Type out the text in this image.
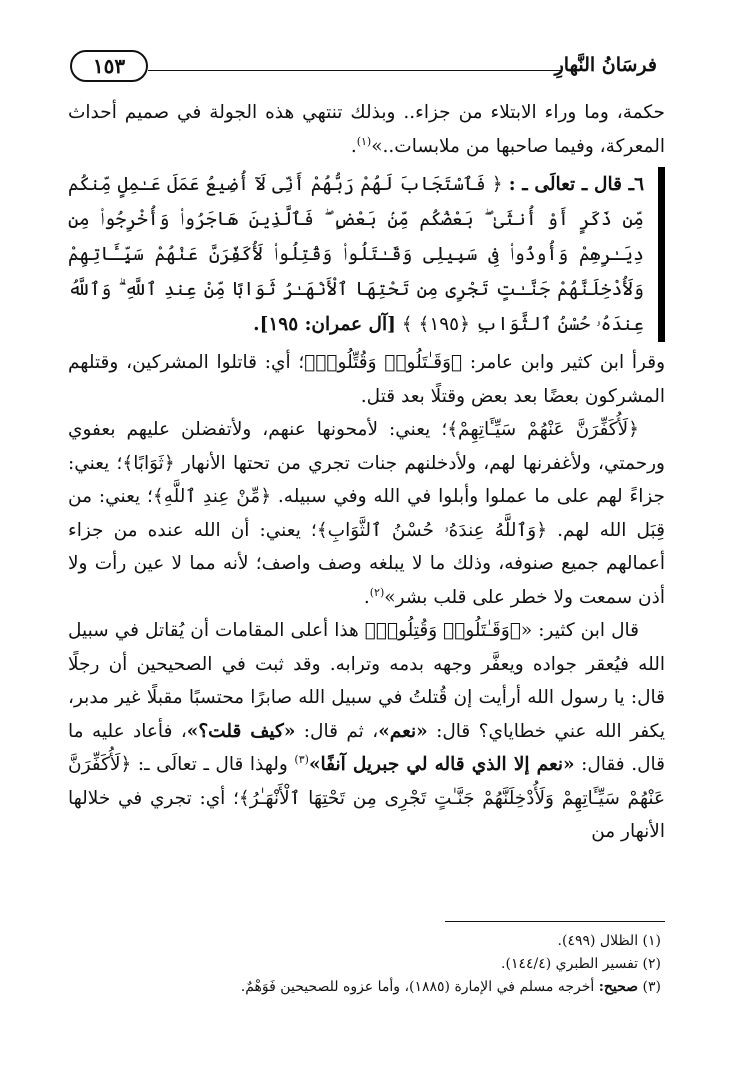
فرسَانُ النَّهارِ
١٥٣

حكمة، وما وراء الابتلاء من جزاء.. وبذلك تنتهي هذه الجولة في صميم أحداث المعركة، وفيما صاحبها من ملابسات..»$^{(١)}$.

٦ـ قال ـ تعالَى ـ : ﴿ فَٱسْتَجَابَ لَهُمْ رَبُّهُمْ أَنِّى لَآ أُضِيعُ عَمَلَ عَـٰمِلٍ مِّنكُم مِّن ذَكَرٍ أَوْ أُنثَىٰ ۖ بَعْضُكُم مِّنۢ بَعْضٍ ۖ فَٱلَّذِينَ هَاجَرُوا۟ وَأُخْرِجُوا۟ مِن دِيَـٰرِهِمْ وَأُوذُوا۟ فِى سَبِيلِى وَقَـٰتَلُوا۟ وَقُتِلُوا۟ لَأُكَفِّرَنَّ عَنْهُمْ سَيِّـَٔاتِهِمْ وَلَأُدْخِلَنَّهُمْ جَنَّـٰتٍ تَجْرِى مِن تَحْتِهَا ٱلْأَنْهَـٰرُ ثَوَابًا مِّنْ عِندِ ٱللَّهِ ۗ وَٱللَّهُ عِندَهُۥ حُسْنُ ٱلثَّوَابِ ﴿١٩٥﴾ ﴾ [آل عمران: ١٩٥].

وقرأ ابن كثير وابن عامر: ﴿وَقَـٰتَلُوا۟ وَقُتِّلُوا۟﴾؛ أي: قاتلوا المشركين، وقتلهم المشركون بعضًا بعد بعض وقتلًا بعد قتل.

﴿لَأُكَفِّرَنَّ عَنْهُمْ سَيِّـَٔاتِهِمْ﴾؛ يعني: لأمحونها عنهم، ولأتفضلن عليهم بعفوي ورحمتي، ولأغفرنها لهم، ولأدخلنهم جنات تجري من تحتها الأنهار ﴿ثَوَابًا﴾؛ يعني: جزاءً لهم على ما عملوا وأبلوا في الله وفي سبيله. ﴿مِّنْ عِندِ ٱللَّهِ﴾؛ يعني: من قِبَل الله لهم. ﴿وَٱللَّهُ عِندَهُۥ حُسْنُ ٱلثَّوَابِ﴾؛ يعني: أن الله عنده من جزاء أعمالهم جميع صنوفه، وذلك ما لا يبلغه وصف واصف؛ لأنه مما لا عين رأت ولا أذن سمعت ولا خطر على قلب بشر»$^{(٢)}$.

قال ابن كثير: «﴿وَقَـٰتَلُوا۟ وَقُتِلُوا۟﴾ هذا أعلى المقامات أن يُقاتل في سبيل الله فيُعقر جواده ويعفَّر وجهه بدمه وترابه. وقد ثبت في الصحيحين أن رجلًا قال: يا رسول الله أرأيت إن قُتلتُ في سبيل الله صابرًا محتسبًا مقبلًا غير مدبر، يكفر الله عني خطاياي؟ قال: «نعم»، ثم قال: «كيف قلت؟»، فأعاد عليه ما قال. فقال: «نعم إلا الذي قاله لي جبريل آنفًا»$^{(٣)}$ ولهذا قال ـ تعالَى ـ: ﴿لَأُكَفِّرَنَّ عَنْهُمْ سَيِّـَٔاتِهِمْ وَلَأُدْخِلَنَّهُمْ جَنَّـٰتٍ تَجْرِى مِن تَحْتِهَا ٱلْأَنْهَـٰرُ﴾؛ أي: تجري في خلالها الأنهار من

(١) الظلال (٤٩٩).

(٢) تفسير الطبري (١٤٤/٤).

(٣) صحيح: أخرجه مسلم في الإمارة (١٨٨٥)، وأما عزوه للصحيحين فَوَهْمٌ.
